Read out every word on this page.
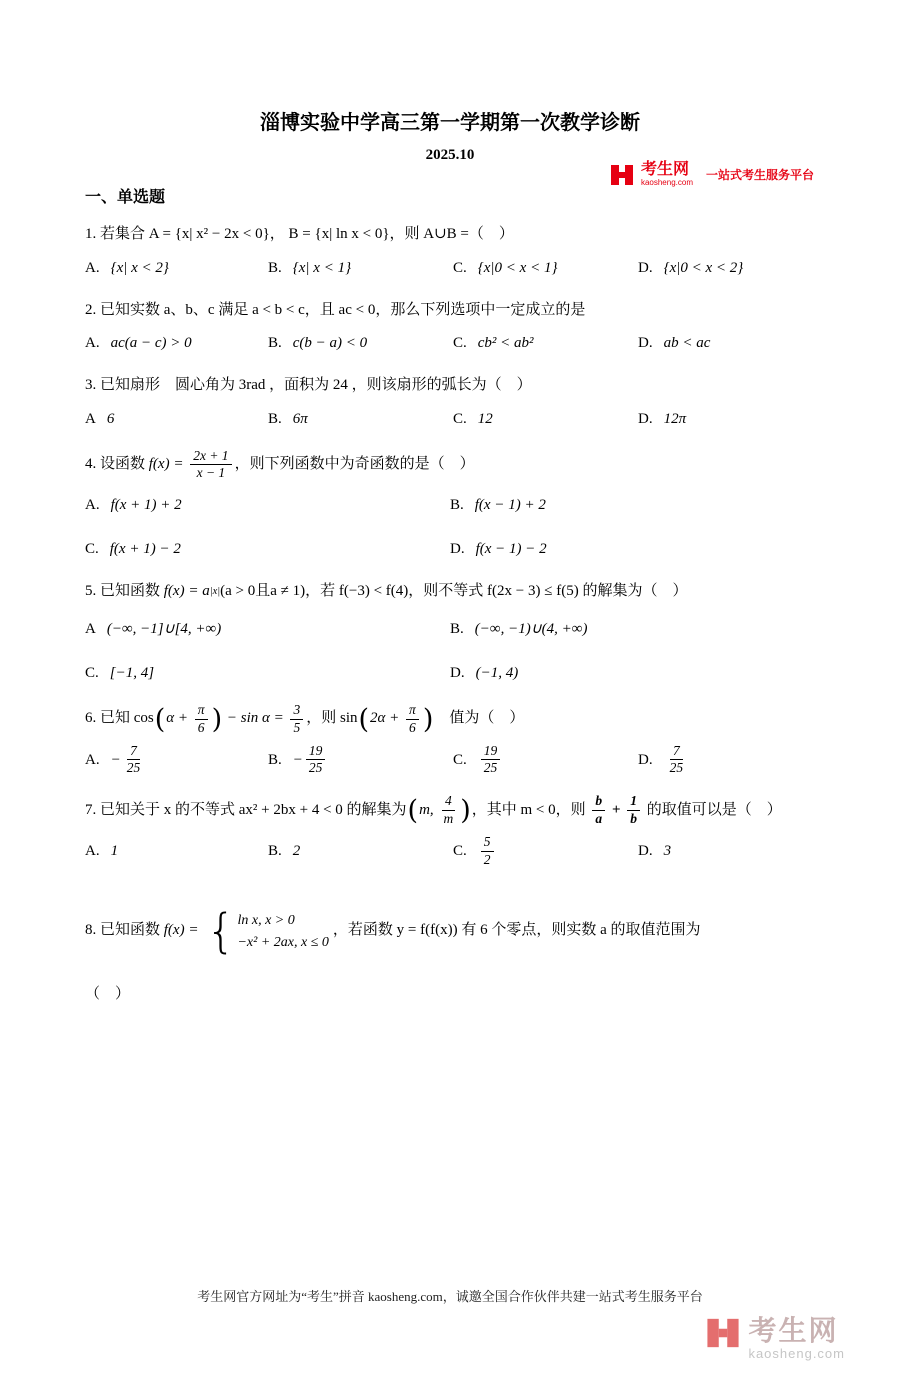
考生网
kaosheng.com
一站式考生服务平台
淄博实验中学高三第一学期第一次教学诊断
2025.10
一、单选题
1. 若集合 A = {x| x² − 2x < 0}， B = {x| ln x < 0}，则 A∪B =（　）
A. {x| x < 2}	B. {x| x < 1}	C. {x|0 < x < 1}	D. {x|0 < x < 2}
2. 已知实数 a、b、c 满足 a < b < c，且 ac < 0，那么下列选项中一定成立的是
A. ac(a − c) > 0	B. c(b − a) < 0	C. cb² < ab²	D. ab < ac
3. 已知扇形　圆心角为 3rad ，面积为 24 ，则该扇形的弧长为（　）
A 6	B. 6π	C. 12	D. 12π
4. 设函数 $f(x) = \frac{2x + 1}{x - 1}$ ，则下列函数中为奇函数的是（　）
A. f(x + 1) + 2	B. f(x − 1) + 2
C. f(x + 1) − 2	D. f(x − 1) − 2
5. 已知函数 f(x) = a |x| (a > 0且a ≠ 1)，若 f(−3) < f(4)，则不等式 f(2x − 3) ≤ f(5) 的解集为（　）
A (−∞, −1]∪[4, +∞)	B. (−∞, −1)∪(4, +∞)
C. [−1, 4]	D. (−1, 4)
6. 已知 cos ( $\alpha + \frac{\pi}{6}$ ) − $\sin \alpha = \frac{3}{5}$ ，则 sin ( $2\alpha + \frac{\pi}{6}$ ) 　值为（　）
A. − $\frac{7}{25}$	B. − $\frac{19}{25}$	C. $\frac{19}{25}$	D. $\frac{7}{25}$
7. 已知关于 x 的不等式 ax² + 2bx + 4 < 0 的解集为 ( m, $\frac{4}{m}$ ) ，其中 m < 0，则 $\frac{b}{a} + \frac{1}{b}$ 的取值可以是（　）
A. 1	B. 2	C. $\frac{5}{2}$	D. 3
8. 已知函数 f(x) = { ln x, x > 0
−x² + 2ax, x ≤ 0
，若函数 y = f(f(x)) 有 6 个零点，则实数 a 的取值范围为
（　）
考生网官方网址为“考生”拼音 kaosheng.com，诚邀全国合作伙伴共建一站式考生服务平台
考生网
kaosheng.com
